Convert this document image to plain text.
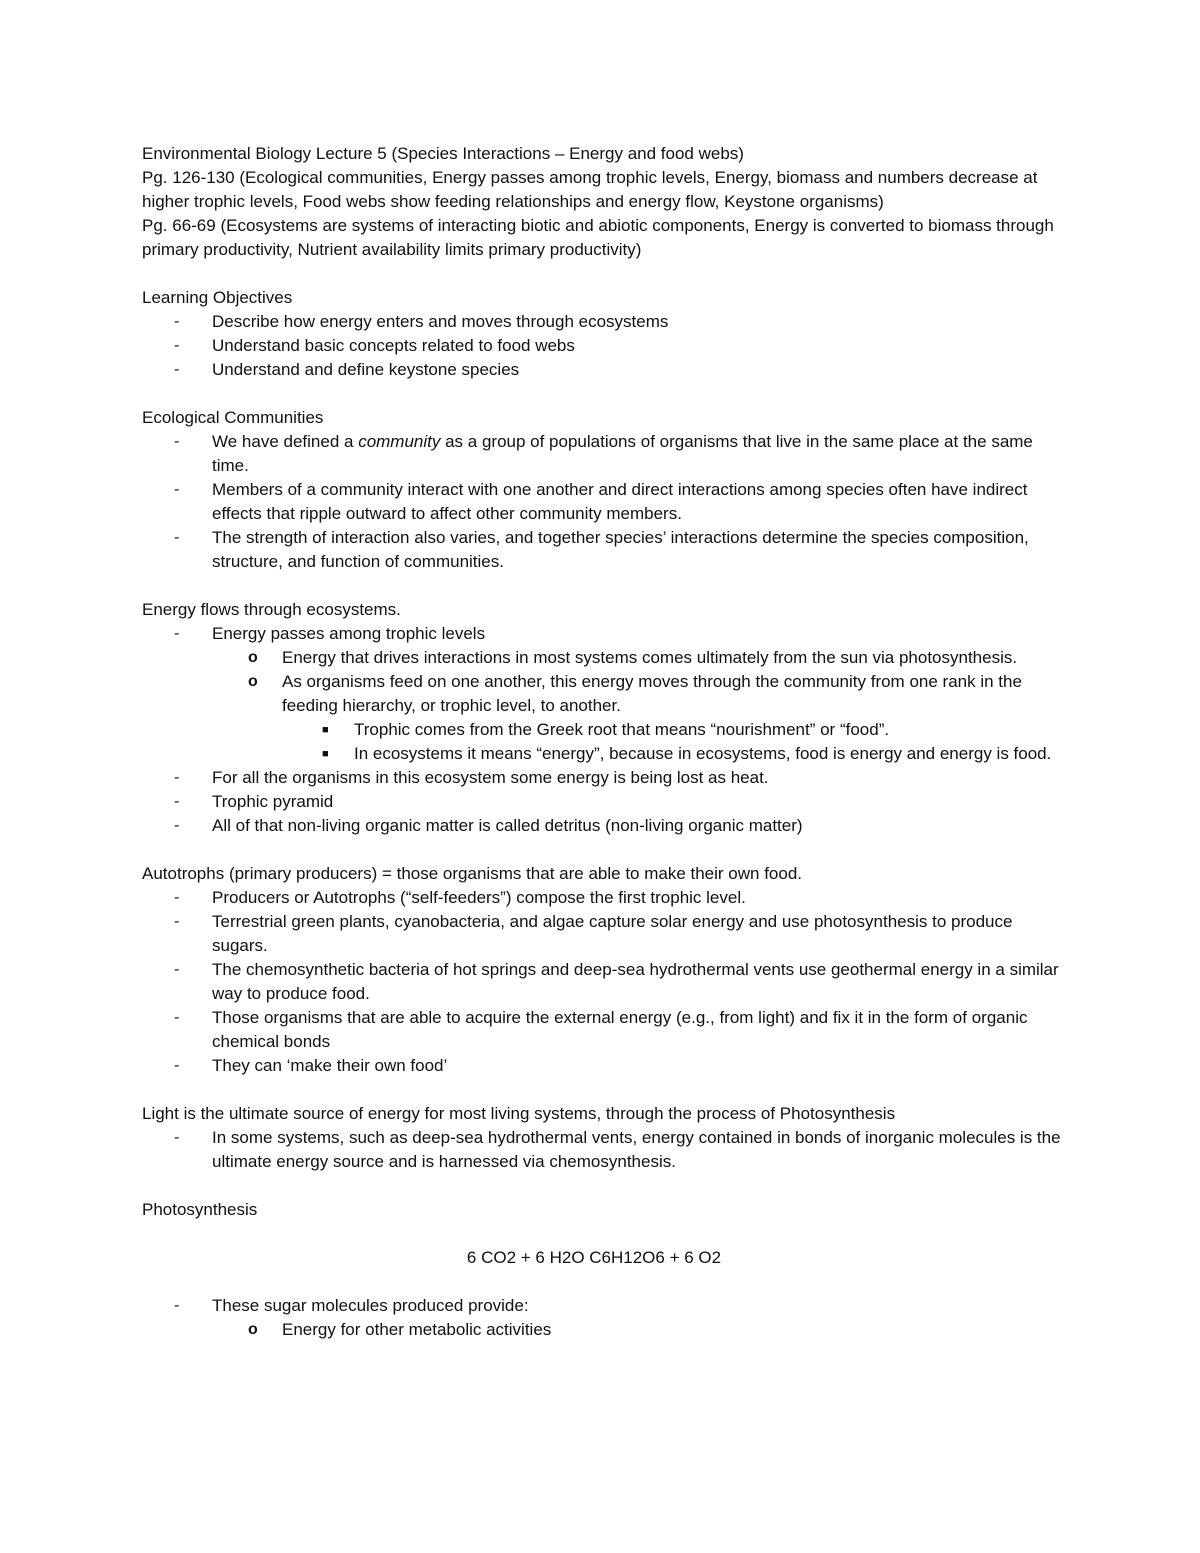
Environmental Biology Lecture 5 (Species Interactions – Energy and food webs)

Pg. 126-130 (Ecological communities, Energy passes among trophic levels, Energy, biomass and numbers decrease at higher trophic levels, Food webs show feeding relationships and energy flow, Keystone organisms)

Pg. 66-69 (Ecosystems are systems of interacting biotic and abiotic components, Energy is converted to biomass through primary productivity, Nutrient availability limits primary productivity)

Learning Objectives

- Describe how energy enters and moves through ecosystems
- Understand basic concepts related to food webs
- Understand and define keystone species

Ecological Communities

- We have defined a community as a group of populations of organisms that live in the same place at the same time.
- Members of a community interact with one another and direct interactions among species often have indirect effects that ripple outward to affect other community members.
- The strength of interaction also varies, and together species’ interactions determine the species composition, structure, and function of communities.

Energy flows through ecosystems.

- Energy passes among trophic levels
o Energy that drives interactions in most systems comes ultimately from the sun via photosynthesis.
o As organisms feed on one another, this energy moves through the community from one rank in the feeding hierarchy, or trophic level, to another.
■ Trophic comes from the Greek root that means “nourishment” or “food”.
■ In ecosystems it means “energy”, because in ecosystems, food is energy and energy is food.
- For all the organisms in this ecosystem some energy is being lost as heat.
- Trophic pyramid
- All of that non-living organic matter is called detritus (non-living organic matter)

Autotrophs (primary producers) = those organisms that are able to make their own food.

- Producers or Autotrophs (“self-feeders”) compose the first trophic level.
- Terrestrial green plants, cyanobacteria, and algae capture solar energy and use photosynthesis to produce sugars.
- The chemosynthetic bacteria of hot springs and deep-sea hydrothermal vents use geothermal energy in a similar way to produce food.
- Those organisms that are able to acquire the external energy (e.g., from light) and fix it in the form of organic chemical bonds
- They can ‘make their own food’

Light is the ultimate source of energy for most living systems, through the process of Photosynthesis

- In some systems, such as deep-sea hydrothermal vents, energy contained in bonds of inorganic molecules is the ultimate energy source and is harnessed via chemosynthesis.

Photosynthesis

6 CO2 + 6 H2O C6H12O6 + 6 O2

- These sugar molecules produced provide:
o Energy for other metabolic activities
